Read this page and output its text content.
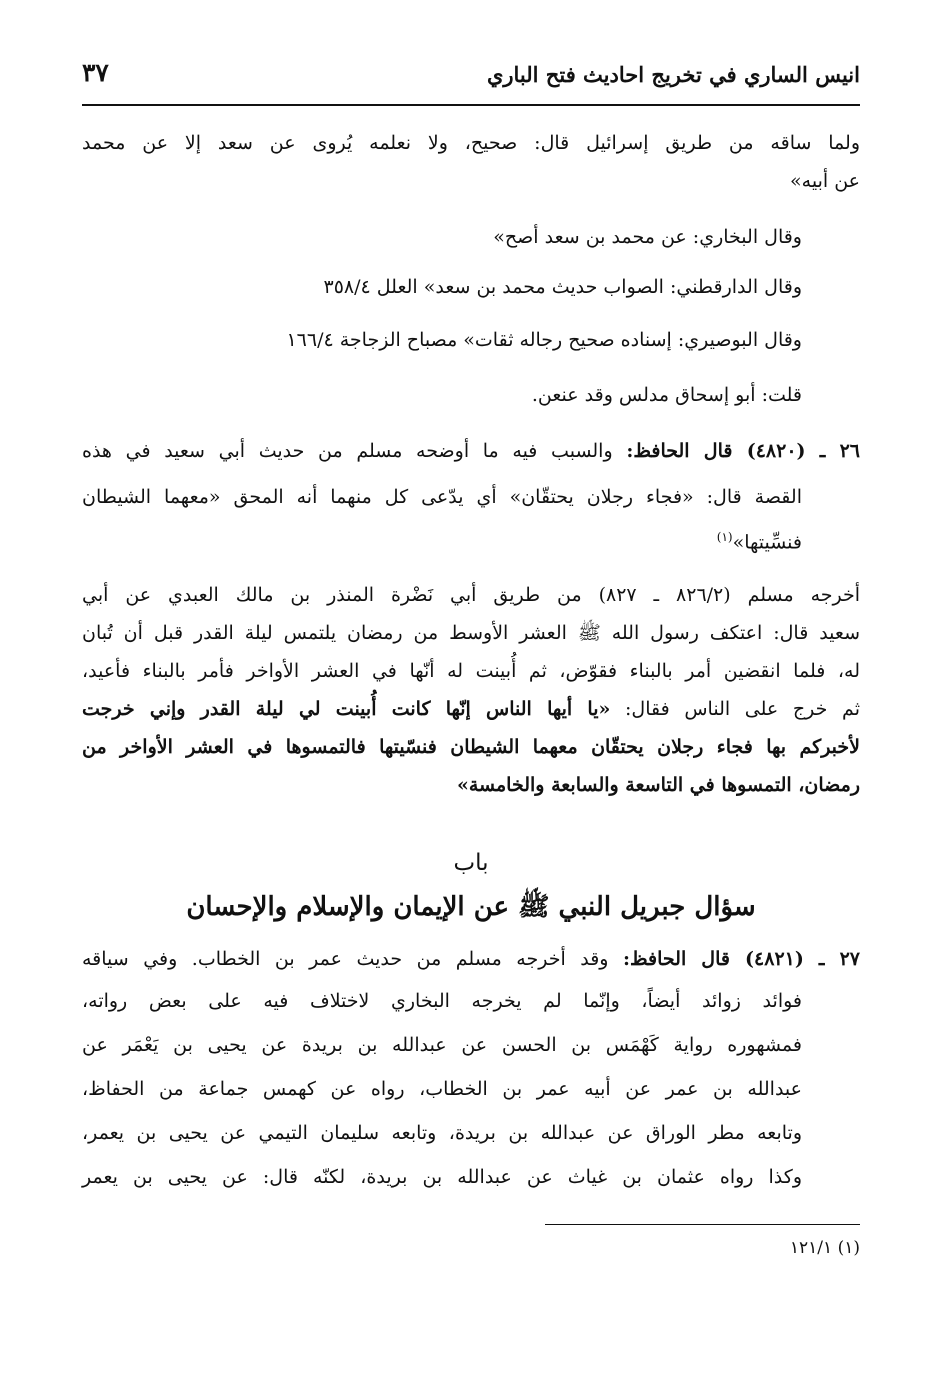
انيس الساري في تخريج احاديث فتح الباري
٣٧
ولما ساقه من طريق إسرائيل قال: صحيح، ولا نعلمه يُروى عن سعد إلا عن محمد
عن أبيه»
وقال البخاري: عن محمد بن سعد أصح»
وقال الدارقطني: الصواب حديث محمد بن سعد» العلل ٣٥٨/٤
وقال البوصيري: إسناده صحيح رجاله ثقات» مصباح الزجاجة ١٦٦/٤
قلت: أبو إسحاق مدلس وقد عنعن.
٢٦ ـ (٤٨٢٠) قال الحافظ: والسبب فيه ما أوضحه مسلم من حديث أبي سعيد في هذه
القصة قال: «فجاء رجلان يحتقّان» أي يدّعى كل منهما أنه المحق «معهما الشيطان
فنسِّيتها»$^{(١)}$
أخرجه مسلم (٨٢٦/٢ ـ ٨٢٧) من طريق أبي نَضْرة المنذر بن مالك العبدي عن أبي
سعيد قال: اعتكف رسول الله ﷺ العشر الأوسط من رمضان يلتمس ليلة القدر قبل أن تُبان
له، فلما انقضين أمر بالبناء فقوّض، ثم أُبينت له أنّها في العشر الأواخر فأمر بالبناء فأعيد،
ثم خرج على الناس فقال: «يا أيها الناس إنّها كانت أُبينت لي ليلة القدر وإني خرجت
لأخبركم بها فجاء رجلان يحتقّان معهما الشيطان فنسّيتها فالتمسوها في العشر الأواخر من
رمضان، التمسوها في التاسعة والسابعة والخامسة»
باب
سؤال جبريل النبي ﷺ عن الإيمان والإسلام والإحسان
٢٧ ـ (٤٨٢١) قال الحافظ: وقد أخرجه مسلم من حديث عمر بن الخطاب. وفي سياقه
فوائد زوائد أيضاً، وإنّما لم يخرجه البخاري لاختلاف فيه على بعض رواته،
فمشهوره رواية كَهْمَس بن الحسن عن عبدالله بن بريدة عن يحيى بن يَعْمَر عن
عبدالله بن عمر عن أبيه عمر بن الخطاب، رواه عن كهمس جماعة من الحفاظ،
وتابعه مطر الوراق عن عبدالله بن بريدة، وتابعه سليمان التيمي عن يحيى بن يعمر،
وكذا رواه عثمان بن غياث عن عبدالله بن بريدة، لكنّه قال: عن يحيى بن يعمر
(١) ١٢١/١
